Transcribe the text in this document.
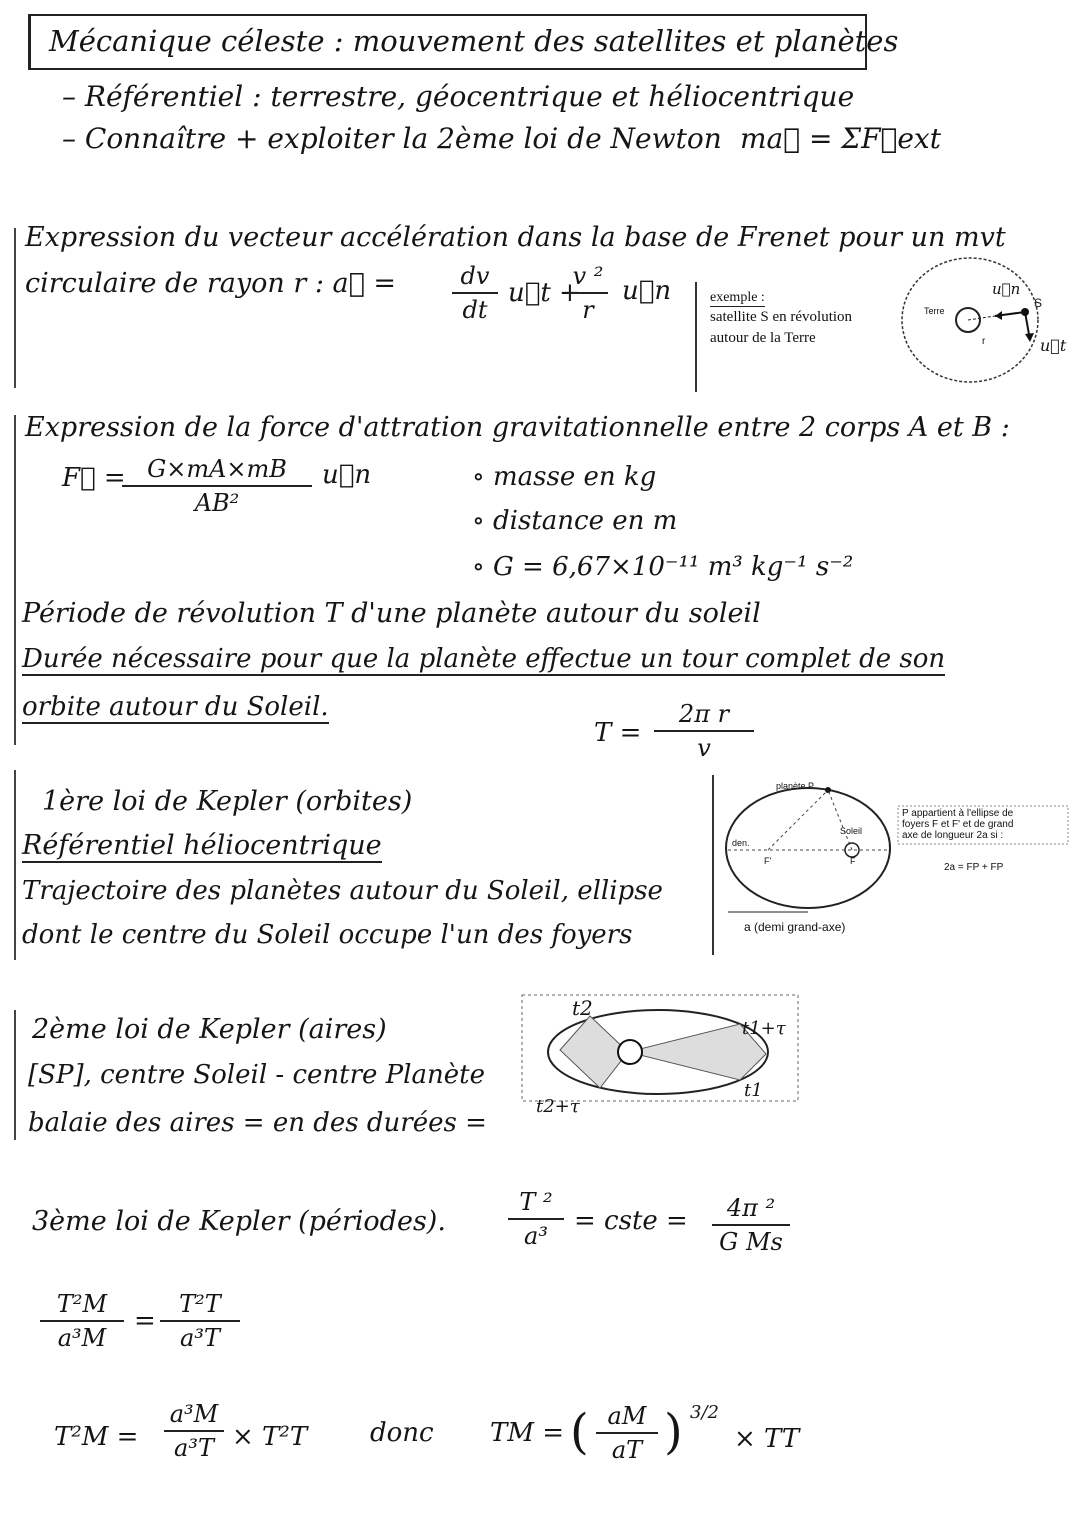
Mécanique céleste : mouvement des satellites et planètes
– Référentiel : terrestre, géocentrique et héliocentrique
– Connaître + exploiter la 2ème loi de Newton ma⃗ = ΣF⃗ext
Expression du vecteur accélération dans la base de Frenet pour un mvt
circulaire de rayon r : a⃗ =	dv
dt
u⃗t +
v ²
r
u⃗n	exemple :
satellite S en révolution
autour de la Terre
Terre
S
u⃗n
u⃗t
r
Expression de la force d'attration gravitationnelle entre 2 corps A et B :
F⃗ = G×mA×mB
AB²
u⃗n	∘ masse en kg
∘ distance en m
∘ G = 6,67×10⁻¹¹ m³ kg⁻¹ s⁻²
Période de révolution T d'une planète autour du soleil
Durée nécessaire pour que la planète effectue un tour complet de son
orbite autour du Soleil.
T =
2π r
v
1ère loi de Kepler (orbites)
Référentiel héliocentrique
Trajectoire des planètes autour du Soleil, ellipse
dont le centre du Soleil occupe l'un des foyers
planète P
Soleil
F'	F
den.
a (demi grand-axe)
P appartient à l'ellipse de
foyers F et F' et de grand
axe de longueur 2a si :
2a = FP + FP
2ème loi de Kepler (aires)
[SP], centre Soleil - centre Planète
balaie des aires = en des durées =
t2
t1+τ
t2+τ
t1
3ème loi de Kepler (périodes).
T ²
a³	= cste =	4π ²
G Ms
T²M
a³M
=
T²T
a³T
T²M =
a³M
a³T × T²T donc TM = ( aM
aT ) 3/2
× TT
